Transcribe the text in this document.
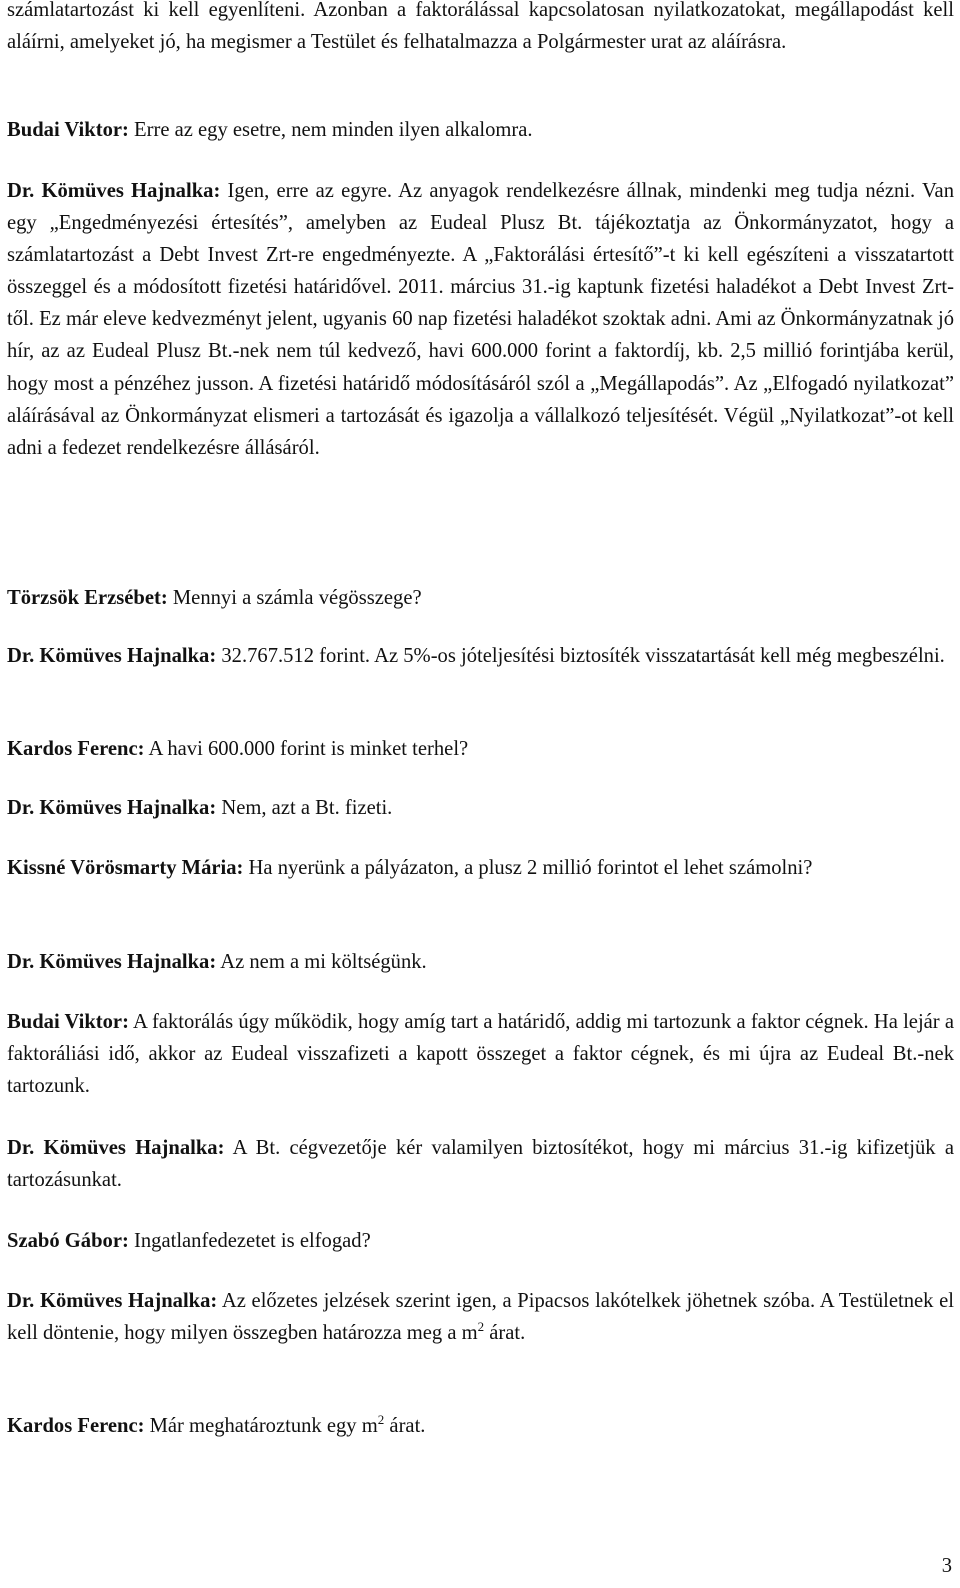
számlatartozást ki kell egyenlíteni. Azonban a faktorálással kapcsolatosan nyilatkozatokat, megállapodást kell aláírni, amelyeket jó, ha megismer a Testület és felhatalmazza a Polgármester urat az aláírásra.

Budai Viktor: Erre az egy esetre, nem minden ilyen alkalomra.

Dr. Kömüves Hajnalka: Igen, erre az egyre. Az anyagok rendelkezésre állnak, mindenki meg tudja nézni. Van egy „Engedményezési értesítés”, amelyben az Eudeal Plusz Bt. tájékoztatja az Önkormányzatot, hogy a számlatartozást a Debt Invest Zrt-re engedményezte. A „Faktorálási értesítő”-t ki kell egészíteni a visszatartott összeggel és a módosított fizetési határidővel. 2011. március 31.-ig kaptunk fizetési haladékot a Debt Invest Zrt-től. Ez már eleve kedvezményt jelent, ugyanis 60 nap fizetési haladékot szoktak adni. Ami az Önkormányzatnak jó hír, az az Eudeal Plusz Bt.-nek nem túl kedvező, havi 600.000 forint a faktordíj, kb. 2,5 millió forintjába kerül, hogy most a pénzéhez jusson. A fizetési határidő módosításáról szól a „Megállapodás”. Az „Elfogadó nyilatkozat” aláírásával az Önkormányzat elismeri a tartozását és igazolja a vállalkozó teljesítését. Végül „Nyilatkozat”-ot kell adni a fedezet rendelkezésre állásáról.

Törzsök Erzsébet: Mennyi a számla végösszege?

Dr. Kömüves Hajnalka: 32.767.512 forint. Az 5%-os jóteljesítési biztosíték visszatartását kell még megbeszélni.

Kardos Ferenc: A havi 600.000 forint is minket terhel?

Dr. Kömüves Hajnalka: Nem, azt a Bt. fizeti.

Kissné Vörösmarty Mária: Ha nyerünk a pályázaton, a plusz 2 millió forintot el lehet számolni?

Dr. Kömüves Hajnalka: Az nem a mi költségünk.

Budai Viktor: A faktorálás úgy működik, hogy amíg tart a határidő, addig mi tartozunk a faktor cégnek. Ha lejár a faktoráliási idő, akkor az Eudeal visszafizeti a kapott összeget a faktor cégnek, és mi újra az Eudeal Bt.-nek tartozunk.

Dr. Kömüves Hajnalka: A Bt. cégvezetője kér valamilyen biztosítékot, hogy mi március 31.-ig kifizetjük a tartozásunkat.

Szabó Gábor: Ingatlanfedezetet is elfogad?

Dr. Kömüves Hajnalka: Az előzetes jelzések szerint igen, a Pipacsos lakótelkek jöhetnek szóba. A Testületnek el kell döntenie, hogy milyen összegben határozza meg a $m^2$ árat.

Kardos Ferenc: Már meghatároztunk egy $m^2$ árat.

3
